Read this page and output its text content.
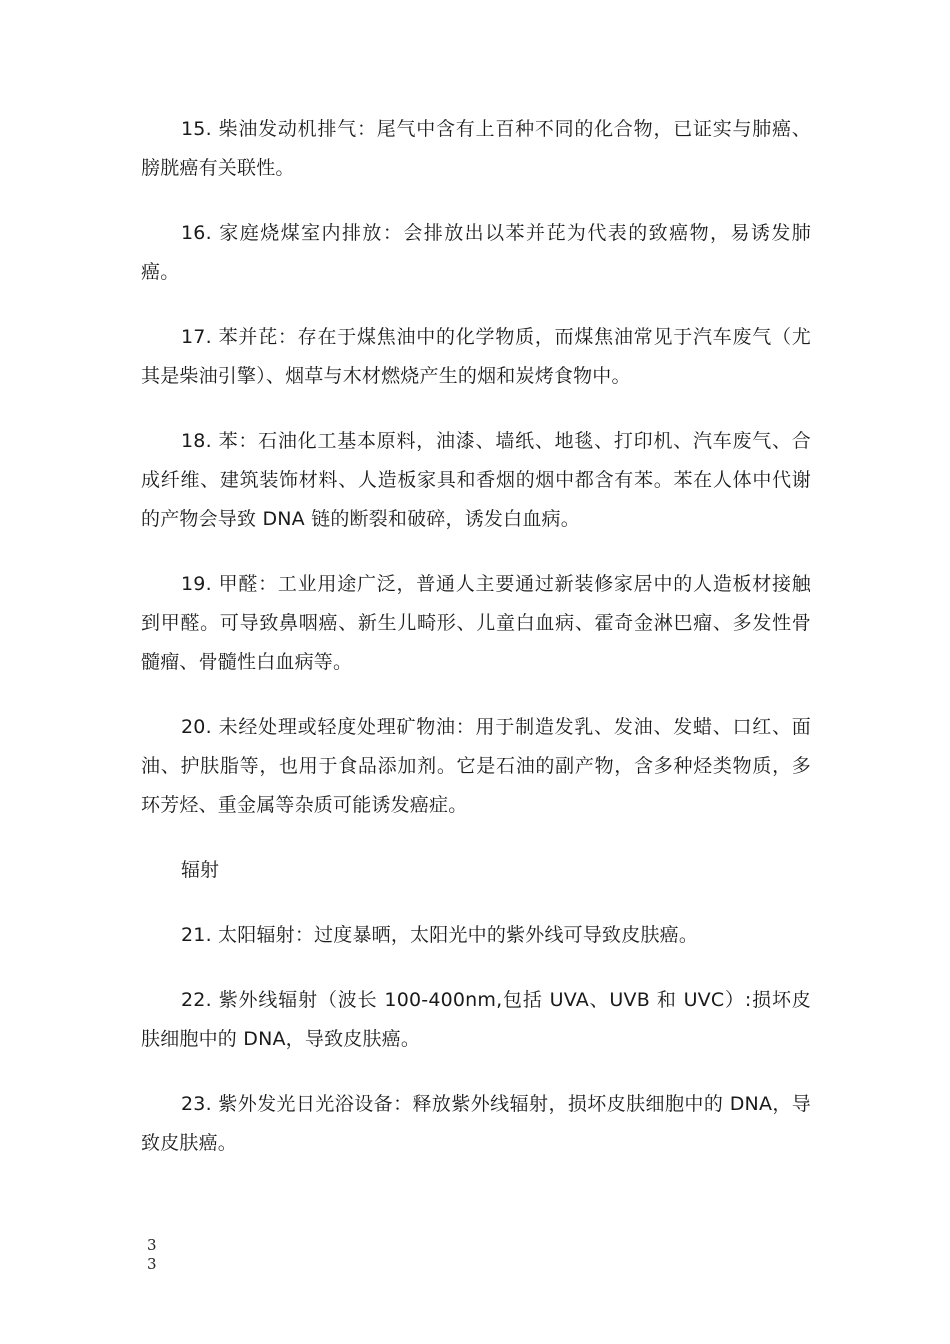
15. 柴油发动机排气：尾气中含有上百种不同的化合物，已证实与肺癌、膀胱癌有关联性。

16. 家庭烧煤室内排放：会排放出以苯并芘为代表的致癌物，易诱发肺癌。

17. 苯并芘：存在于煤焦油中的化学物质，而煤焦油常见于汽车废气（尤其是柴油引擎）、烟草与木材燃烧产生的烟和炭烤食物中。

18. 苯：石油化工基本原料，油漆、墙纸、地毯、打印机、汽车废气、合成纤维、建筑装饰材料、人造板家具和香烟的烟中都含有苯。苯在人体中代谢的产物会导致 DNA 链的断裂和破碎，诱发白血病。

19. 甲醛：工业用途广泛，普通人主要通过新装修家居中的人造板材接触到甲醛。可导致鼻咽癌、新生儿畸形、儿童白血病、霍奇金淋巴瘤、多发性骨髓瘤、骨髓性白血病等。

20. 未经处理或轻度处理矿物油：用于制造发乳、发油、发蜡、口红、面油、护肤脂等，也用于食品添加剂。它是石油的副产物，含多种烃类物质，多环芳烃、重金属等杂质可能诱发癌症。

辐射

21. 太阳辐射：过度暴晒，太阳光中的紫外线可导致皮肤癌。

22. 紫外线辐射（波长 100-400nm,包括 UVA、UVB 和 UVC）:损坏皮肤细胞中的 DNA，导致皮肤癌。

23. 紫外发光日光浴设备：释放紫外线辐射，损坏皮肤细胞中的 DNA，导致皮肤癌。

3
3
